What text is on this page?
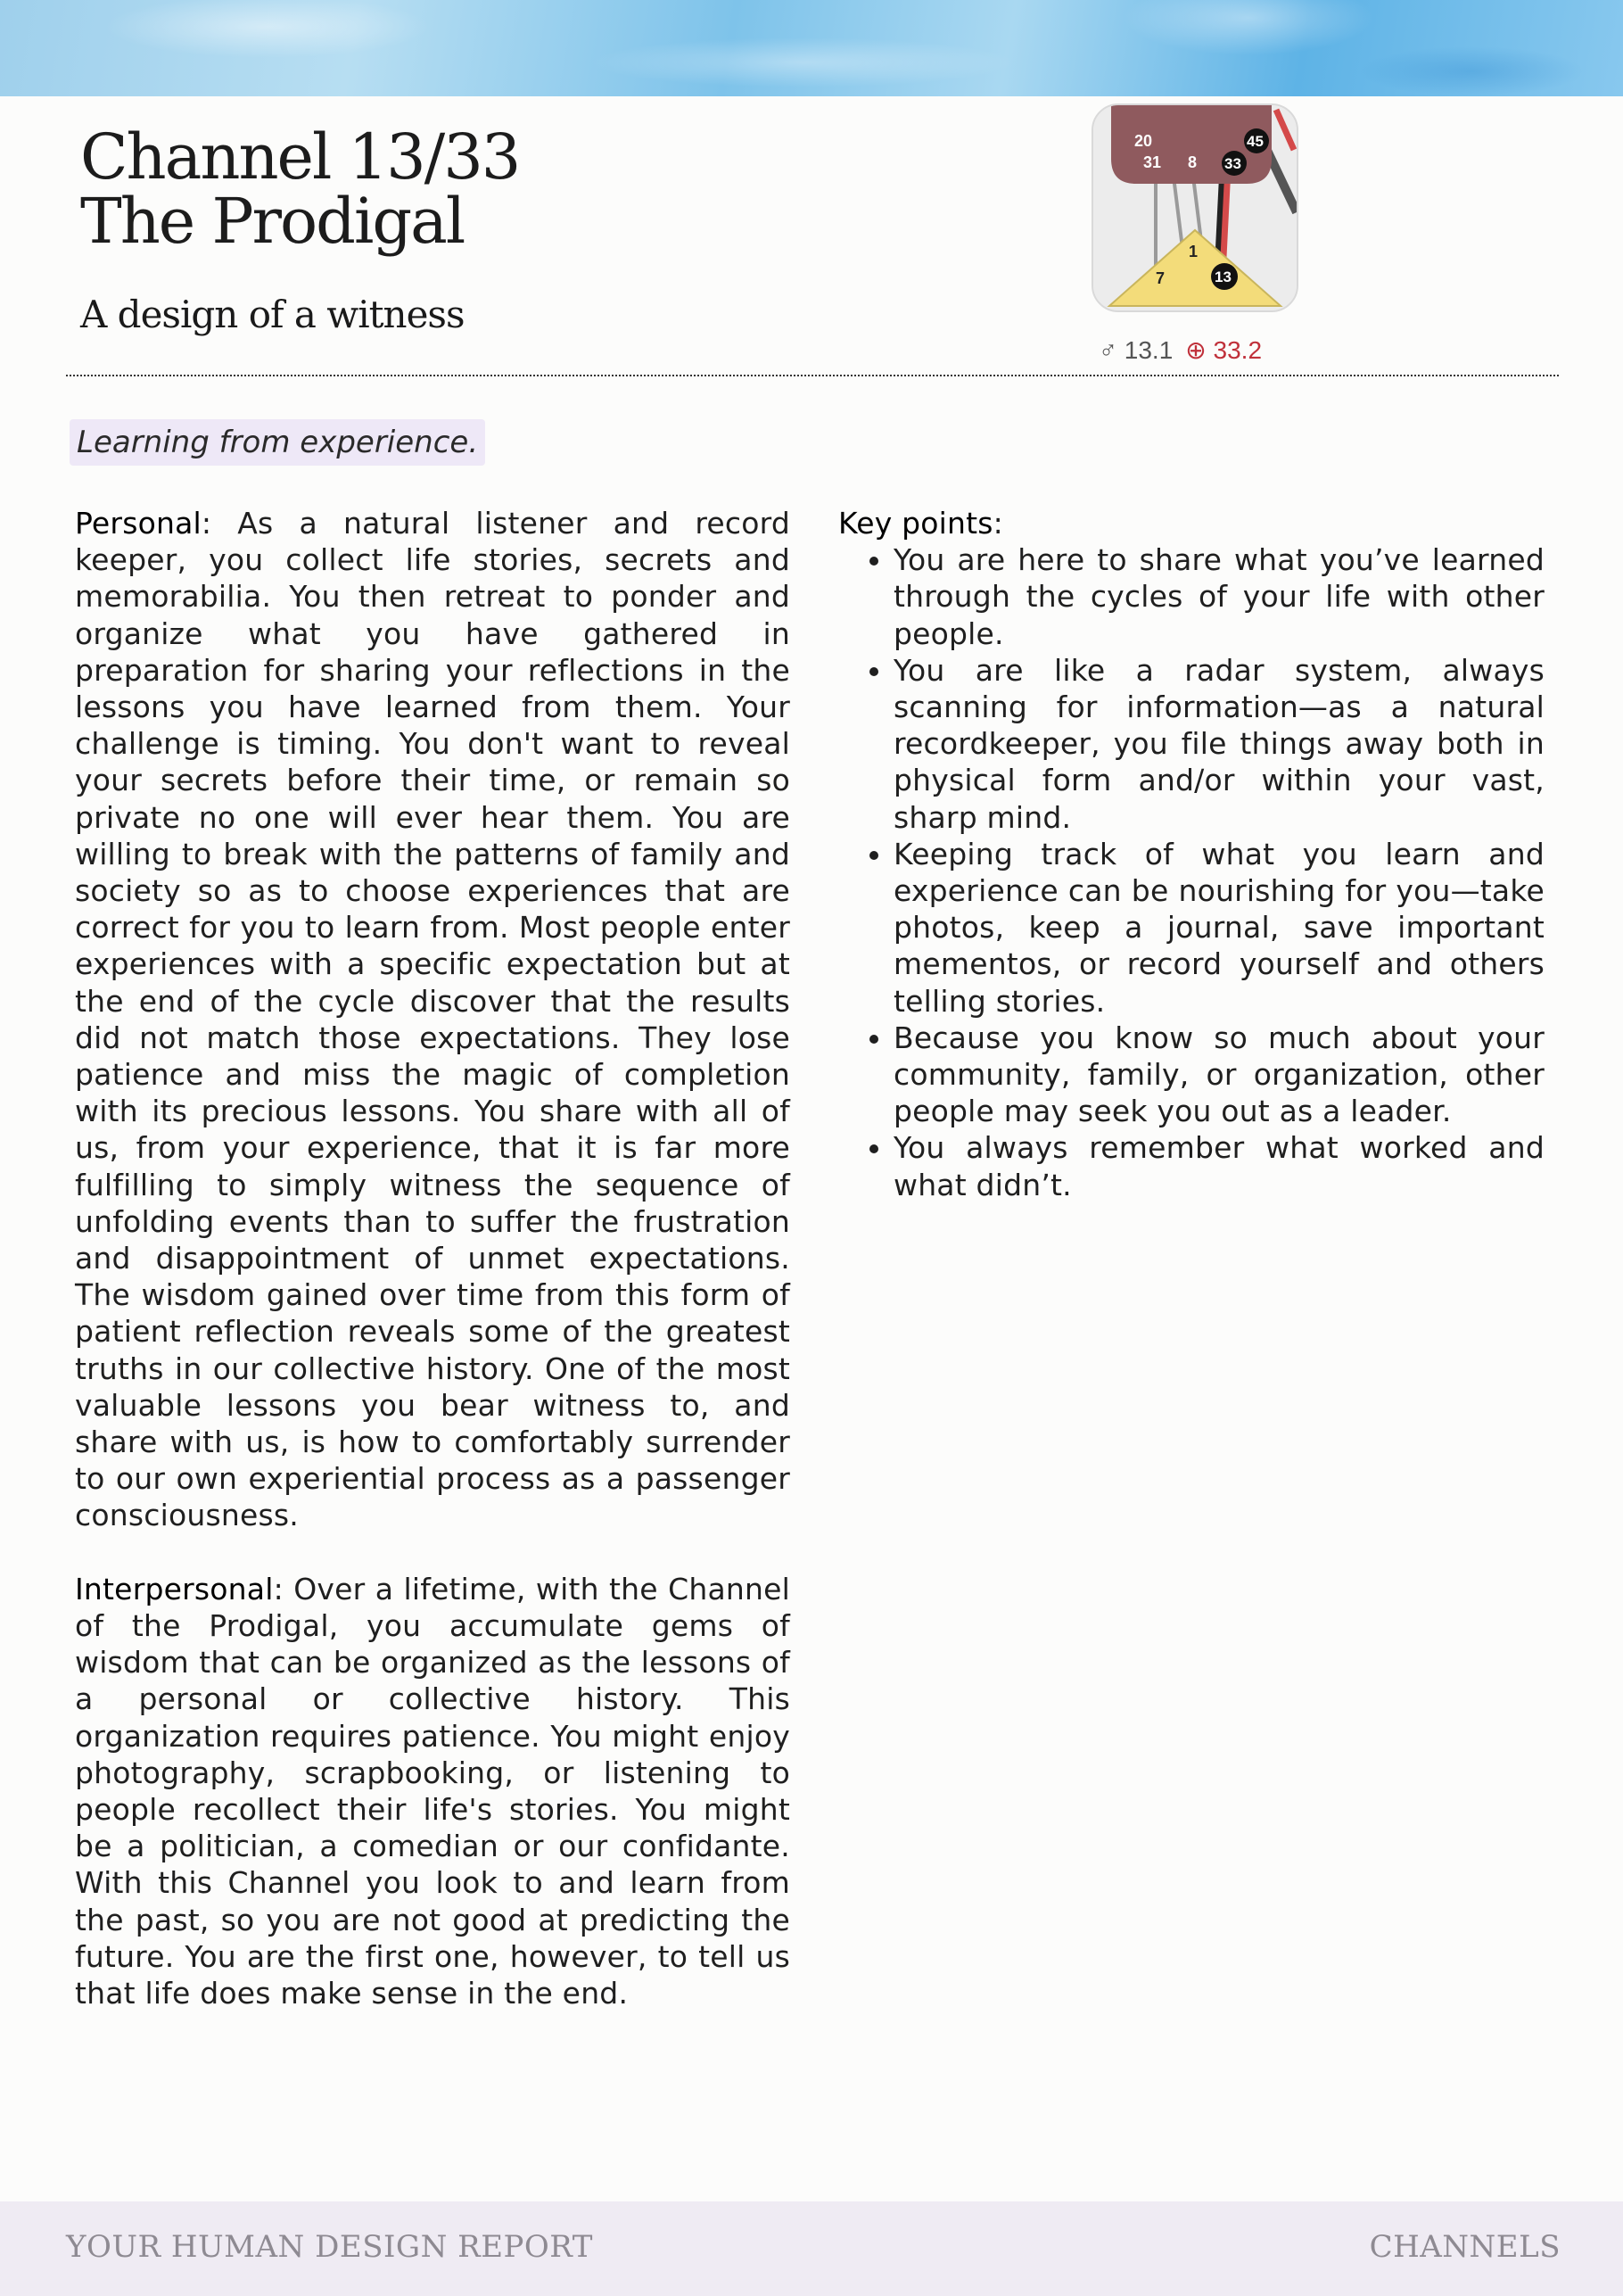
Channel 13/33
The Prodigal
A design of a witness
20
31 8 33
45
1
7	13
♂ 13.1 ⊕ 33.2
Learning from experience.

Personal: As a natural listener and record keeper, you collect life stories, secrets and memorabilia. You then retreat to ponder and organize what you have gathered in preparation for sharing your reflections in the lessons you have learned from them. Your challenge is timing. You don't want to reveal your secrets before their time, or remain so private no one will ever hear them. You are willing to break with the patterns of family and society so as to choose experiences that are correct for you to learn from. Most people enter experiences with a specific expectation but at the end of the cycle discover that the results did not match those expectations. They lose patience and miss the magic of completion with its precious lessons. You share with all of us, from your experience, that it is far more fulfilling to simply witness the sequence of unfolding events than to suffer the frustration and disappointment of unmet expectations. The wisdom gained over time from this form of patient reflection reveals some of the greatest truths in our collective history. One of the most valuable lessons you bear witness to, and share with us, is how to comfortably surrender to our own experiential process as a passenger consciousness.

Interpersonal: Over a lifetime, with the Channel of the Prodigal, you accumulate gems of wisdom that can be organized as the lessons of a personal or collective history. This organization requires patience. You might enjoy photography, scrapbooking, or listening to people recollect their life's stories. You might be a politician, a comedian or our confidante. With this Channel you look to and learn from the past, so you are not good at predicting the future. You are the first one, however, to tell us that life does make sense in the end.

Key points:
• You are here to share what you’ve learned through the cycles of your life with other people.
• You are like a radar system, always scanning for information—as a natural recordkeeper, you file things away both in physical form and/or within your vast, sharp mind.
• Keeping track of what you learn and experience can be nourishing for you—take photos, keep a journal, save important mementos, or record yourself and others telling stories.
• Because you know so much about your community, family, or organization, other people may seek you out as a leader.
• You always remember what worked and what didn’t.
YOUR HUMAN DESIGN REPORT	CHANNELS
